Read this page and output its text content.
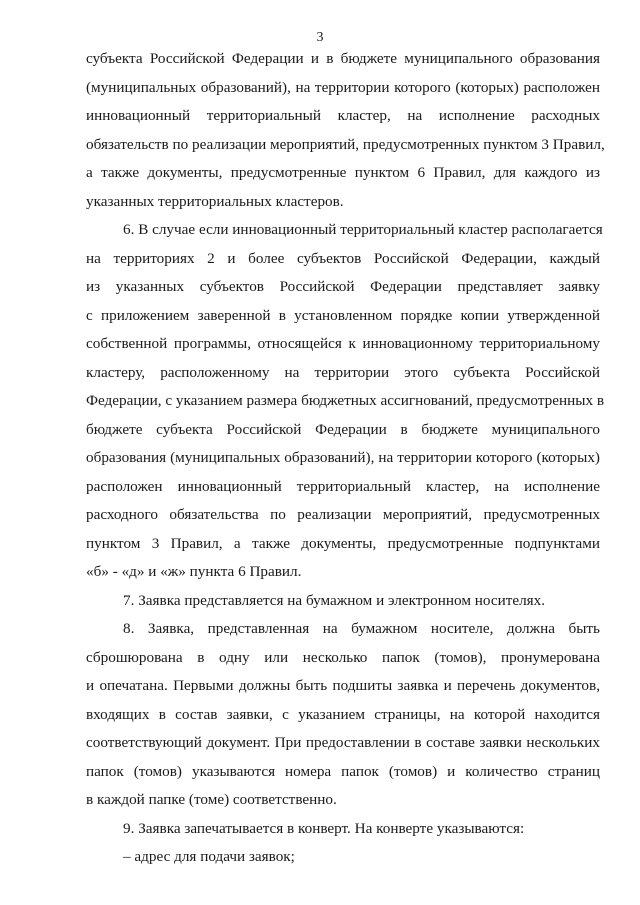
3
субъекта Российской Федерации и в бюджете муниципального образования
(муниципальных образований), на территории которого (которых) расположен
инновационный территориальный кластер, на исполнение расходных
обязательств по реализации мероприятий, предусмотренных пунктом 3 Правил,
а также документы, предусмотренные пунктом 6 Правил, для каждого из
указанных территориальных кластеров.
6. В случае если инновационный территориальный кластер располагается
на территориях 2 и более субъектов Российской Федерации, каждый
из указанных субъектов Российской Федерации представляет заявку
с приложением заверенной в установленном порядке копии утвержденной
собственной программы, относящейся к инновационному территориальному
кластеру, расположенному на территории этого субъекта Российской
Федерации, с указанием размера бюджетных ассигнований, предусмотренных в
бюджете субъекта Российской Федерации в бюджете муниципального
образования (муниципальных образований), на территории которого (которых)
расположен инновационный территориальный кластер, на исполнение
расходного обязательства по реализации мероприятий, предусмотренных
пунктом 3 Правил, а также документы, предусмотренные подпунктами
«б» - «д» и «ж» пункта 6 Правил.
7. Заявка представляется на бумажном и электронном носителях.
8. Заявка, представленная на бумажном носителе, должна быть
сброшюрована в одну или несколько папок (томов), пронумерована
и опечатана. Первыми должны быть подшиты заявка и перечень документов,
входящих в состав заявки, с указанием страницы, на которой находится
соответствующий документ. При предоставлении в составе заявки нескольких
папок (томов) указываются номера папок (томов) и количество страниц
в каждой папке (томе) соответственно.
9. Заявка запечатывается в конверт. На конверте указываются:
– адрес для подачи заявок;
